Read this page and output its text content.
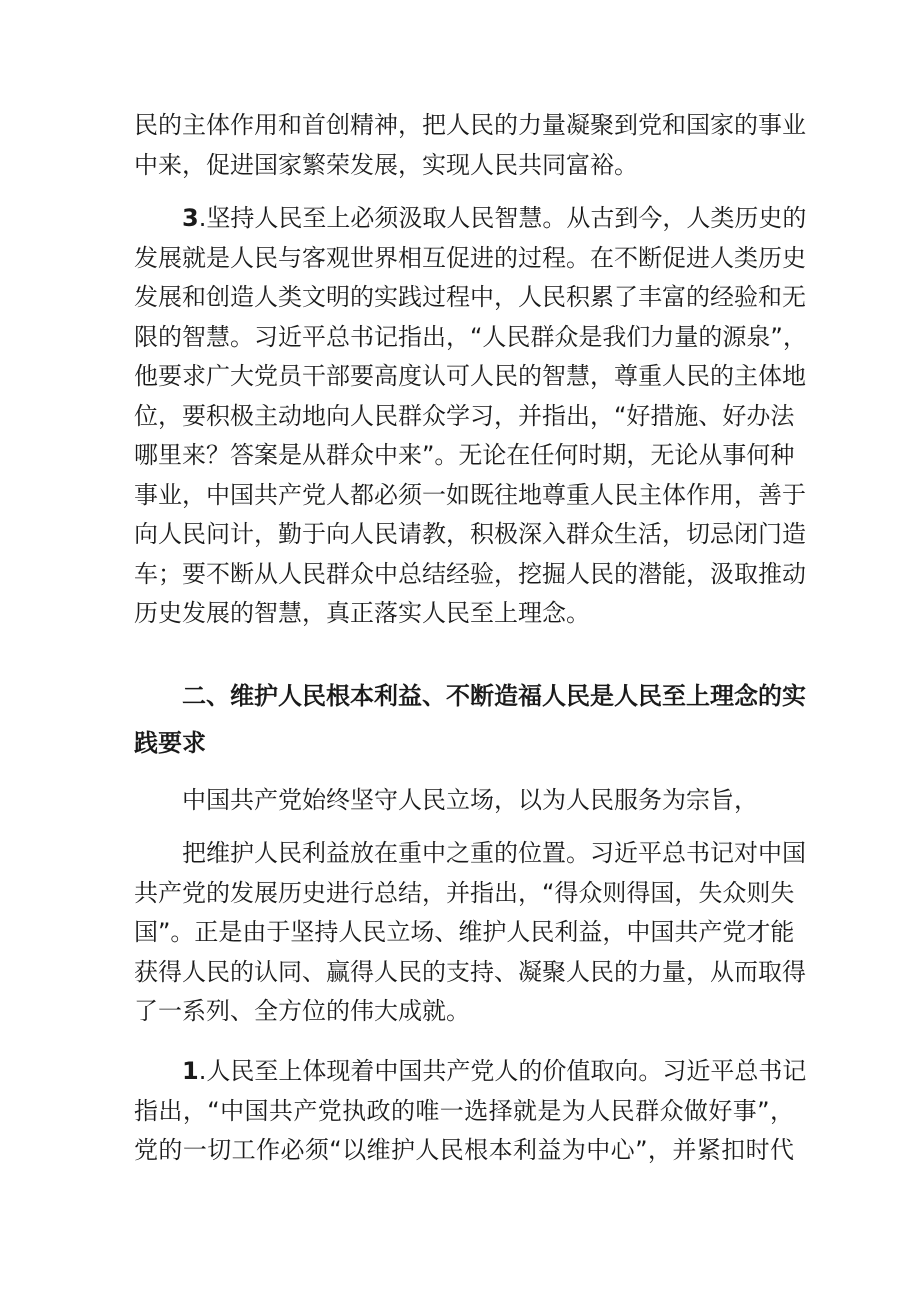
民的主体作用和首创精神，把人民的力量凝聚到党和国家的事业
中来，促进国家繁荣发展，实现人民共同富裕。
3.坚持人民至上必须汲取人民智慧。从古到今，人类历史的
发展就是人民与客观世界相互促进的过程。在不断促进人类历史
发展和创造人类文明的实践过程中，人民积累了丰富的经验和无
限的智慧。习近平总书记指出，“人民群众是我们力量的源泉”，
他要求广大党员干部要高度认可人民的智慧，尊重人民的主体地
位，要积极主动地向人民群众学习，并指出，“好措施、好办法
哪里来？答案是从群众中来”。无论在任何时期，无论从事何种
事业，中国共产党人都必须一如既往地尊重人民主体作用，善于
向人民问计，勤于向人民请教，积极深入群众生活，切忌闭门造
车；要不断从人民群众中总结经验，挖掘人民的潜能，汲取推动
历史发展的智慧，真正落实人民至上理念。
二、维护人民根本利益、不断造福人民是人民至上理念的实
践要求
中国共产党始终坚守人民立场，以为人民服务为宗旨，
把维护人民利益放在重中之重的位置。习近平总书记对中国
共产党的发展历史进行总结，并指出，“得众则得国，失众则失
国”。正是由于坚持人民立场、维护人民利益，中国共产党才能
获得人民的认同、赢得人民的支持、凝聚人民的力量，从而取得
了一系列、全方位的伟大成就。
1.人民至上体现着中国共产党人的价值取向。习近平总书记
指出，“中国共产党执政的唯一选择就是为人民群众做好事”，
党的一切工作必须“以维护人民根本利益为中心”，并紧扣时代
